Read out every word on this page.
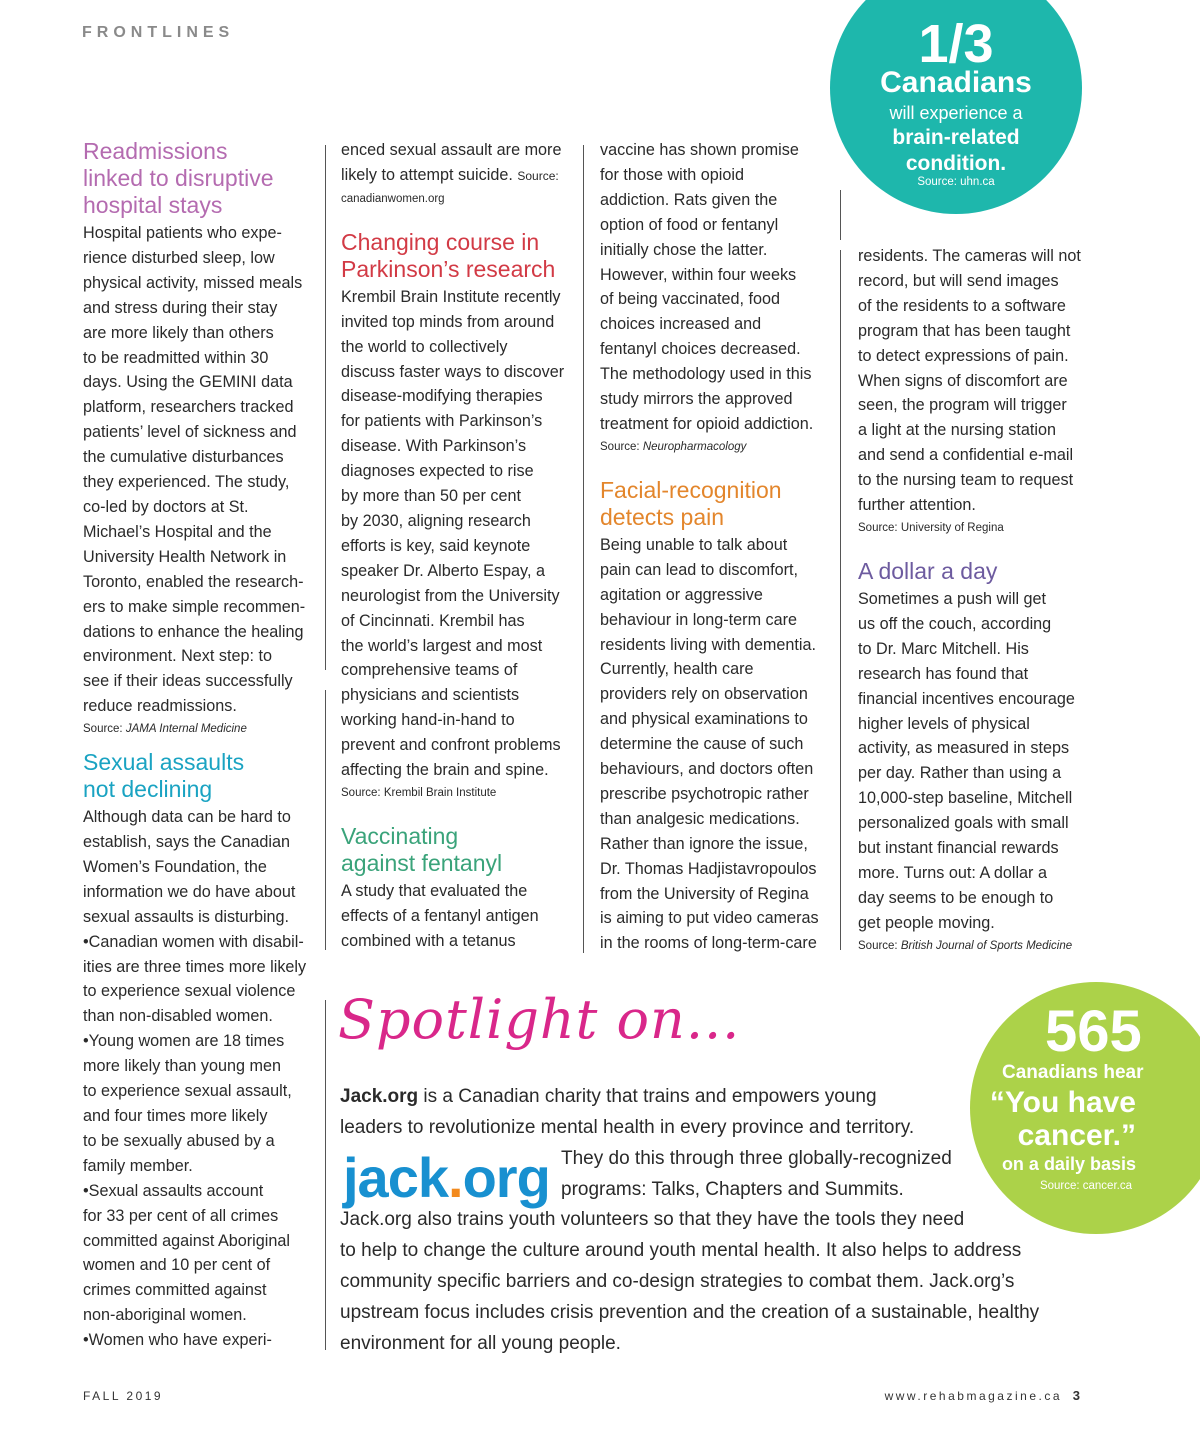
FRONTLINES	1/3
Canadians
will experience a
brain-related
condition.
Source: uhn.ca
Readmissions
linked to disruptive
hospital stays
Hospital patients who expe-
rience disturbed sleep, low
physical activity, missed meals
and stress during their stay
are more likely than others
to be readmitted within 30
days. Using the GEMINI data
platform, researchers tracked
patients’ level of sickness and
the cumulative disturbances
they experienced. The study,
co-led by doctors at St.
Michael’s Hospital and the
University Health Network in
Toronto, enabled the research-
ers to make simple recommen-
dations to enhance the healing
environment. Next step: to
see if their ideas successfully
reduce readmissions.
Source: JAMA Internal Medicine
Sexual assaults
not declining
Although data can be hard to
establish, says the Canadian
Women’s Foundation, the
information we do have about
sexual assaults is disturbing.
•Canadian women with disabil-
ities are three times more likely
to experience sexual violence
than non-disabled women.
•Young women are 18 times
more likely than young men
to experience sexual assault,
and four times more likely
to be sexually abused by a
family member.
•Sexual assaults account
for 33 per cent of all crimes
committed against Aboriginal
women and 10 per cent of
crimes committed against
non-aboriginal women.
•Women who have experi-
enced sexual assault are more
likely to attempt suicide. Source:
canadianwomen.org
Changing course in
Parkinson’s research
Krembil Brain Institute recently
invited top minds from around
the world to collectively
discuss faster ways to discover
disease-modifying therapies
for patients with Parkinson’s
disease. With Parkinson’s
diagnoses expected to rise
by more than 50 per cent
by 2030, aligning research
efforts is key, said keynote
speaker Dr. Alberto Espay, a
neurologist from the University
of Cincinnati. Krembil has
the world’s largest and most
comprehensive teams of
physicians and scientists
working hand-in-hand to
prevent and confront problems
affecting the brain and spine.
Source: Krembil Brain Institute
Vaccinating
against fentanyl
A study that evaluated the
effects of a fentanyl antigen
combined with a tetanus
vaccine has shown promise
for those with opioid
addiction. Rats given the
option of food or fentanyl
initially chose the latter.
However, within four weeks
of being vaccinated, food
choices increased and
fentanyl choices decreased.
The methodology used in this
study mirrors the approved
treatment for opioid addiction.
Source: Neuropharmacology
Facial-recognition
detects pain
Being unable to talk about
pain can lead to discomfort,
agitation or aggressive
behaviour in long-term care
residents living with dementia.
Currently, health care
providers rely on observation
and physical examinations to
determine the cause of such
behaviours, and doctors often
prescribe psychotropic rather
than analgesic medications.
Rather than ignore the issue,
Dr. Thomas Hadjistavropoulos
from the University of Regina
is aiming to put video cameras
in the rooms of long-term-care
residents. The cameras will not
record, but will send images
of the residents to a software
program that has been taught
to detect expressions of pain.
When signs of discomfort are
seen, the program will trigger
a light at the nursing station
and send a confidential e-mail
to the nursing team to request
further attention.
Source: University of Regina
A dollar a day
Sometimes a push will get
us off the couch, according
to Dr. Marc Mitchell. His
research has found that
financial incentives encourage
higher levels of physical
activity, as measured in steps
per day. Rather than using a
10,000-step baseline, Mitchell
personalized goals with small
but instant financial rewards
more. Turns out: A dollar a
day seems to be enough to
get people moving.
Source: British Journal of Sports Medicine
Spotlight on...
Jack.org is a Canadian charity that trains and empowers young
leaders to revolutionize mental health in every province and territory.
jack.org They do this through three globally-recognized
programs: Talks, Chapters and Summits.
Jack.org also trains youth volunteers so that they have the tools they need
to help to change the culture around youth mental health. It also helps to address
community specific barriers and co-design strategies to combat them. Jack.org’s
upstream focus includes crisis prevention and the creation of a sustainable, healthy
environment for all young people.
565
Canadians hear
“You have
cancer.”
on a daily basis
Source: cancer.ca
FALL 2019	www.rehabmagazine.ca 3
